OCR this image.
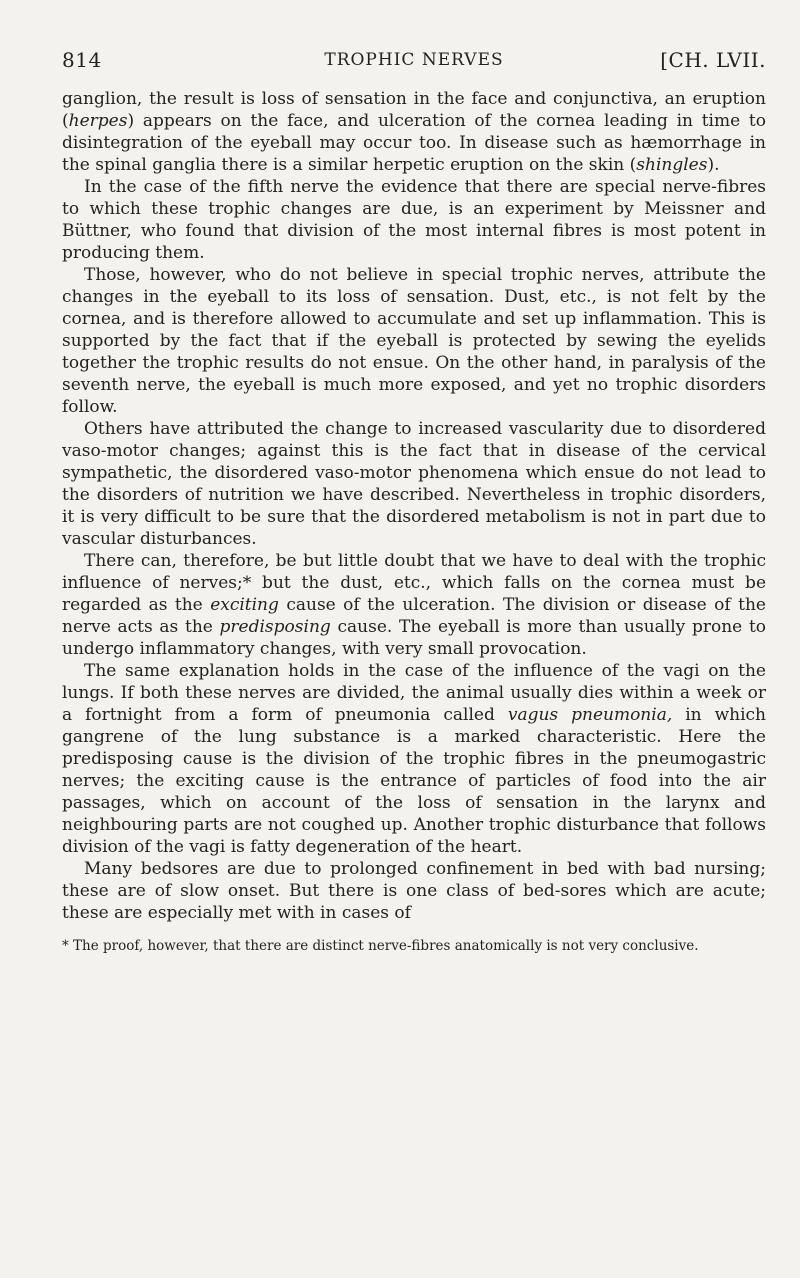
814	TROPHIC NERVES	[CH. LVII.

ganglion, the result is loss of sensation in the face and conjunctiva, an eruption (herpes) appears on the face, and ulceration of the cornea leading in time to disintegration of the eyeball may occur too. In disease such as hæmorrhage in the spinal ganglia there is a similar herpetic eruption on the skin (shingles).

In the case of the fifth nerve the evidence that there are special nerve-fibres to which these trophic changes are due, is an experiment by Meissner and Büttner, who found that division of the most internal fibres is most potent in producing them.

Those, however, who do not believe in special trophic nerves, attribute the changes in the eyeball to its loss of sensation. Dust, etc., is not felt by the cornea, and is therefore allowed to accumulate and set up inflammation. This is supported by the fact that if the eyeball is protected by sewing the eyelids together the trophic results do not ensue. On the other hand, in paralysis of the seventh nerve, the eyeball is much more exposed, and yet no trophic disorders follow.

Others have attributed the change to increased vascularity due to disordered vaso-motor changes; against this is the fact that in disease of the cervical sympathetic, the disordered vaso-motor phenomena which ensue do not lead to the disorders of nutrition we have described. Nevertheless in trophic disorders, it is very difficult to be sure that the disordered metabolism is not in part due to vascular disturbances.

There can, therefore, be but little doubt that we have to deal with the trophic influence of nerves;* but the dust, etc., which falls on the cornea must be regarded as the exciting cause of the ulceration. The division or disease of the nerve acts as the predisposing cause. The eyeball is more than usually prone to undergo inflammatory changes, with very small provocation.

The same explanation holds in the case of the influence of the vagi on the lungs. If both these nerves are divided, the animal usually dies within a week or a fortnight from a form of pneumonia called vagus pneumonia, in which gangrene of the lung substance is a marked characteristic. Here the predisposing cause is the division of the trophic fibres in the pneumogastric nerves; the exciting cause is the entrance of particles of food into the air passages, which on account of the loss of sensation in the larynx and neighbouring parts are not coughed up. Another trophic disturbance that follows division of the vagi is fatty degeneration of the heart.

Many bedsores are due to prolonged confinement in bed with bad nursing; these are of slow onset. But there is one class of bed-sores which are acute; these are especially met with in cases of

* The proof, however, that there are distinct nerve-fibres anatomically is not very conclusive.
